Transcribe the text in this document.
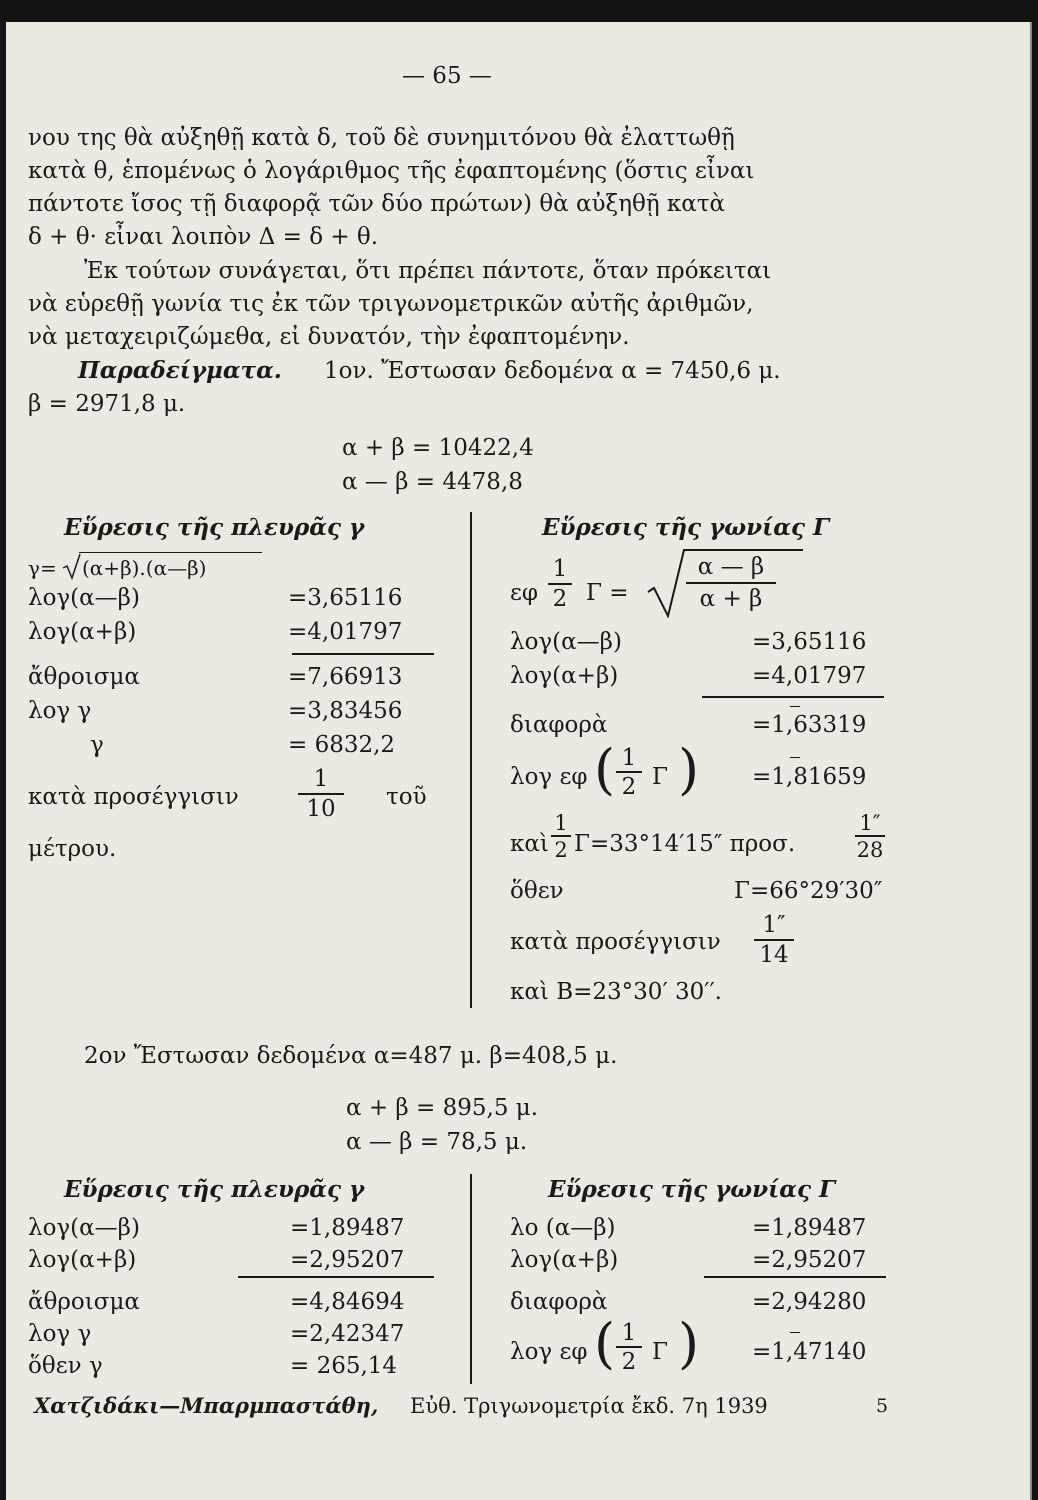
— 65 —
νου της θὰ αὐξηθῇ κατὰ δ, τοῦ δὲ συνημιτόνου θὰ ἐλαττωθῇ
κατὰ θ, ἑπομένως ὁ λογάριθμος τῆς ἐφαπτομένης (ὅστις εἶναι
πάντοτε ἴσος τῇ διαφορᾷ τῶν δύο πρώτων) θὰ αὐξηθῇ κατὰ
δ + θ· εἶναι λοιπὸν Δ = δ + θ.
Ἐκ τούτων συνάγεται, ὅτι πρέπει πάντοτε, ὅταν πρόκειται
νὰ εὑρεθῇ γωνία τις ἐκ τῶν τριγωνομετρικῶν αὐτῆς ἀριθμῶν,
νὰ μεταχειριζώμεθα, εἰ δυνατόν, τὴν ἐφαπτομένην.
Παραδείγματα. 1ον. Ἔστωσαν δεδομένα α = 7450,6 μ.
β = 2971,8 μ.
α + β = 10422,4
α — β = 4478,8
Εὕρεσις τῆς πλευρᾶς γ
γ= (α+β).(α—β)
λογ(α—β)	=3,65116
λογ(α+β)	=4,01797
ἄθροισμα	=7,66913
λογ γ	=3,83456
γ	= 6832,2
κατὰ προσέγγισιν
1
10	τοῦ
μέτρου.
Εὕρεσις τῆς γωνίας Γ
εφ
1
2 Γ =
α — β
α + β
λογ(α—β)	=3,65116
λογ(α+β)	=4,01797
διαφορὰ	=1,63319
λογ εφ ( 1
2 Γ ) =1,81659
καὶ
1
2 Γ=33°14′15″ προσ.
1″
28
ὅθεν	Γ=66°29′30″
κατὰ προσέγγισιν
1″
14
καὶ B=23°30′ 30′′.
2ον Ἔστωσαν δεδομένα α=487 μ. β=408,5 μ.
α + β = 895,5 μ.
α — β = 78,5 μ.
Εὕρεσις τῆς πλευρᾶς γ
λογ(α—β)	=1,89487
λογ(α+β)	=2,95207
ἄθροισμα	=4,84694
λογ γ	=2,42347
ὅθεν γ	= 265,14
Εὕρεσις τῆς γωνίας Γ
λο (α—β)	=1,89487
λογ(α+β)	=2,95207
διαφορὰ	=2,94280
λογ εφ ( 1
2 Γ ) =1,47140
Χατζιδάκι—Μπαρμπαστάθη, Εὐθ. Τριγωνομετρία ἔκδ. 7η 1939	5
